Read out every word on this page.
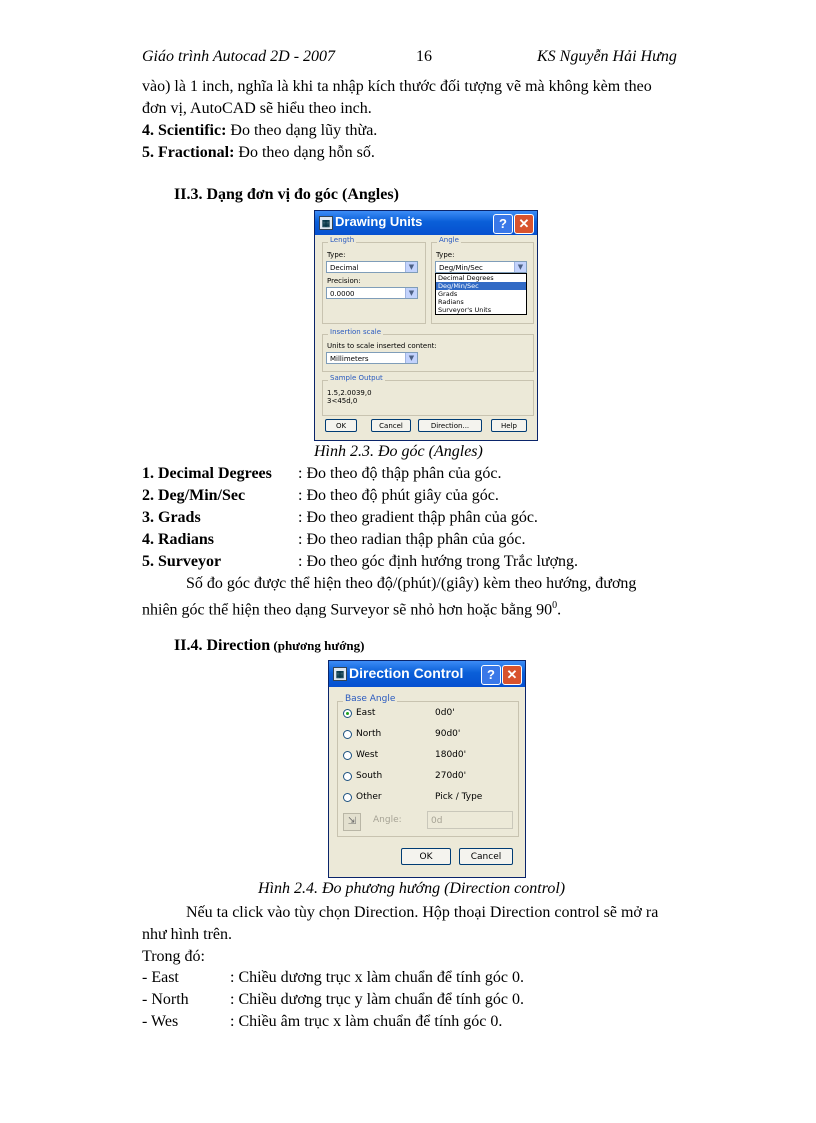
Giáo trình Autocad 2D - 2007	16	KS Nguyễn Hải Hưng
vào) là 1 inch, nghĩa là khi ta nhập kích thước đối tượng vẽ mà không kèm theo
đơn vị, AutoCAD sẽ hiểu theo inch.
4. Scientific: Đo theo dạng lũy thừa.
5. Fractional: Đo theo dạng hỗn số.
II.3. Dạng đơn vị đo góc (Angles)
▦ Drawing Units	? ✕
Length
Type:
Decimal	▼
Precision:
0.0000	▼
Angle
Type:
Deg/Min/Sec	▼
Decimal Degrees
Deg/Min/Sec
Grads
Radians
Surveyor's Units
Insertion scale
Units to scale inserted content:
Millimeters	▼
Sample Output
1.5,2.0039,0
3<45d,0
OK	Cancel	Direction...	Help
Hình 2.3. Đo góc (Angles)
1. Decimal Degrees : Đo theo độ thập phân của góc.
2. Deg/Min/Sec	: Đo theo độ phút giây của góc.
3. Grads	: Đo theo gradient thập phân của góc.
4. Radians	: Đo theo radian thập phân của góc.
5. Surveyor	: Đo theo góc định hướng trong Trắc lượng.
Số đo góc được thể hiện theo độ/(phút)/(giây) kèm theo hướng, đương
nhiên góc thể hiện theo dạng Surveyor sẽ nhỏ hơn hoặc bằng $90^0$.
II.4. Direction (phương hướng)
▦ Direction Control	? ✕
Base Angle
East	0d0'
North	90d0'
West	180d0'
South	270d0'
Other	Pick / Type
⇲	Angle:	0d
OK	Cancel
Hình 2.4. Đo phương hướng (Direction control)
Nếu ta click vào tùy chọn Direction. Hộp thoại Direction control sẽ mở ra
như hình trên.
Trong đó:
- East	: Chiều dương trục x làm chuẩn để tính góc 0.
- North	: Chiều dương trục y làm chuẩn để tính góc 0.
- Wes	: Chiều âm trục x làm chuẩn để tính góc 0.
